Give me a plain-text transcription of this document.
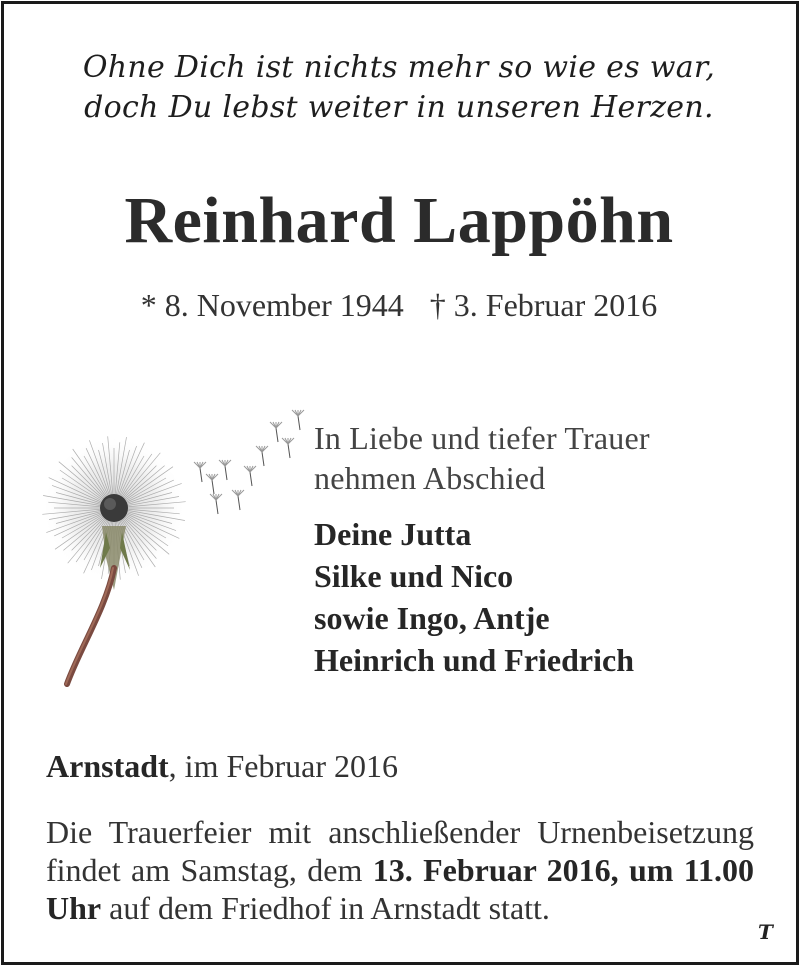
Ohne Dich ist nichts mehr so wie es war,
doch Du lebst weiter in unseren Herzen.
Reinhard Lappöhn
* 8. November 1944 † 3. Februar 2016
In Liebe und tiefer Trauer
nehmen Abschied
Deine Jutta
Silke und Nico
sowie Ingo, Antje
Heinrich und Friedrich
Arnstadt, im Februar 2016
Die Trauerfeier mit anschließender Urnenbeisetzung findet am Samstag, dem 13. Februar 2016, um 11.00 Uhr auf dem Friedhof in Arnstadt statt.
T
